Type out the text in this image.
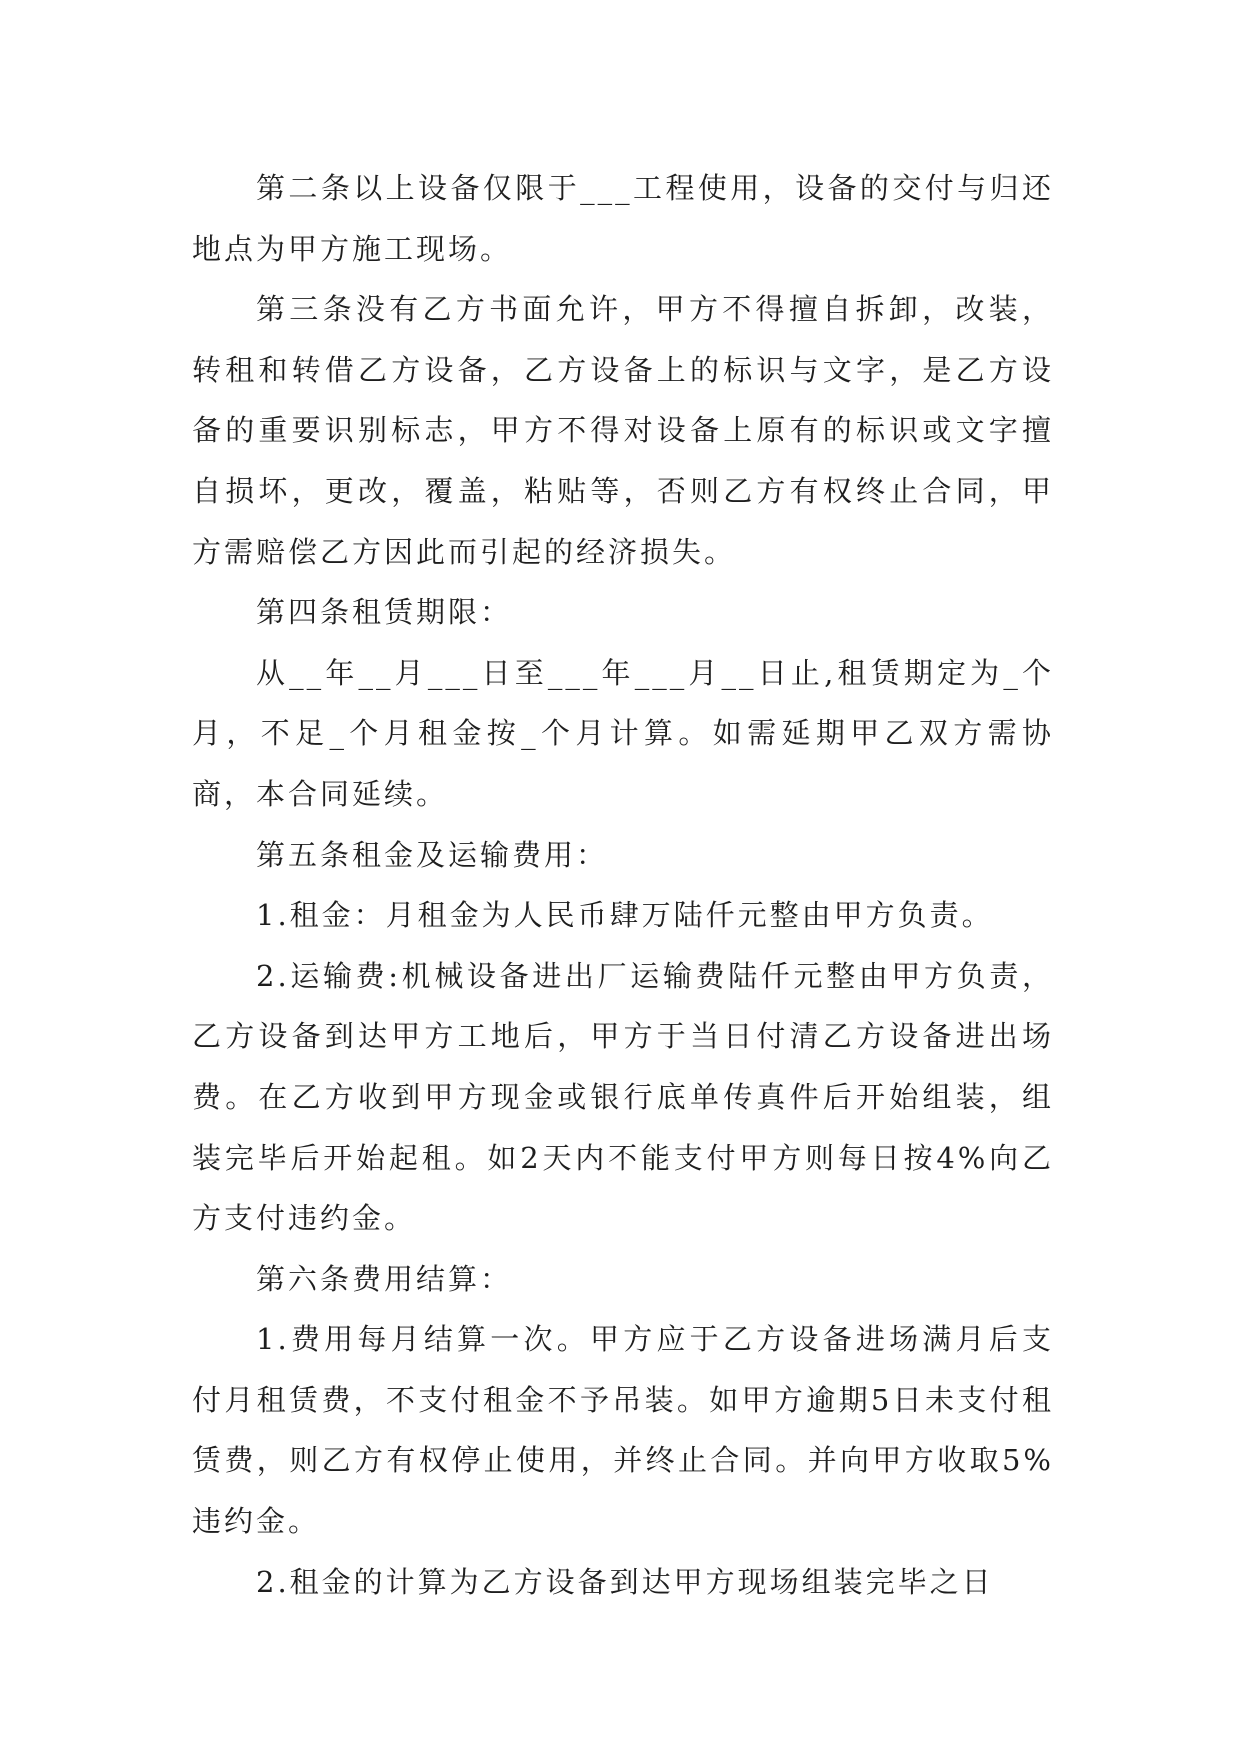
第二条以上设备仅限于___工程使用，设备的交付与归还地点为甲方施工现场。

第三条没有乙方书面允许，甲方不得擅自拆卸，改装，转租和转借乙方设备，乙方设备上的标识与文字，是乙方设备的重要识别标志，甲方不得对设备上原有的标识或文字擅自损坏，更改，覆盖，粘贴等，否则乙方有权终止合同，甲方需赔偿乙方因此而引起的经济损失。

第四条租赁期限：

从__年__月___日至___年___月__日止,租赁期定为_个月，不足_个月租金按_个月计算。如需延期甲乙双方需协商，本合同延续。

第五条租金及运输费用：

1.租金：月租金为人民币肆万陆仟元整由甲方负责。

2.运输费:机械设备进出厂运输费陆仟元整由甲方负责，乙方设备到达甲方工地后，甲方于当日付清乙方设备进出场费。在乙方收到甲方现金或银行底单传真件后开始组装，组装完毕后开始起租。如2天内不能支付甲方则每日按4%向乙方支付违约金。

第六条费用结算：

1.费用每月结算一次。甲方应于乙方设备进场满月后支付月租赁费，不支付租金不予吊装。如甲方逾期5日未支付租赁费，则乙方有权停止使用，并终止合同。并向甲方收取5%违约金。

2.租金的计算为乙方设备到达甲方现场组装完毕之日
